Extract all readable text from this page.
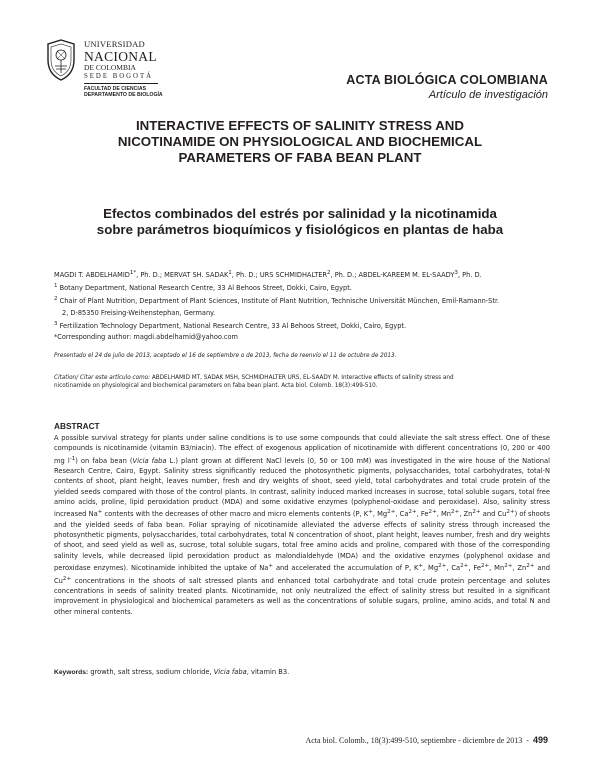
UNIVERSIDAD
NACIONAL
DE COLOMBIA
SEDE BOGOTÁ
FACULTAD DE CIENCIAS
DEPARTAMENTO DE BIOLOGÍA
ACTA BIOLÓGICA COLOMBIANA
Artículo de investigación
INTERACTIVE EFFECTS OF SALINITY STRESS AND
NICOTINAMIDE ON PHYSIOLOGICAL AND BIOCHEMICAL
PARAMETERS OF FABA BEAN PLANT
Efectos combinados del estrés por salinidad y la nicotinamida
sobre parámetros bioquímicos y fisiológicos en plantas de haba
MAGDI T. $ABDELHAMID^{1*}$, Ph. D.; MERVAT SH. SADAK$^1$, Ph. D.; URS SCHMIDHALTER$^2$, Ph. D.; ABDEL-KAREEM M. EL-SAADY$^3$, Ph. D.
$^1$ Botany Department, National Research Centre, 33 Al Behoos Street, Dokki, Cairo, Egypt.
$^2$ Chair of Plant Nutrition, Department of Plant Sciences, Institute of Plant Nutrition, Technische Universität München, Emil-Ramann-Str.
2, D-85350 Freising-Weihenstephan, Germany.
$^3$ Fertilization Technology Department, National Research Centre, 33 Al Behoos Street, Dokki, Cairo, Egypt.
*Corresponding author: magdi.abdelhamid@yahoo.com
Presentado el 24 de julio de 2013, aceptado el 16 de septiembre o de 2013, fecha de reenvío el 11 de octubre de 2013.
Citation/ Citar este artículo como: ABDELHAMID MT, SADAK MSH, SCHMIDHALTER URS, EL-SAADY M. Interactive effects of salinity stress and
nicotinamide on physiological and biochemical parameters on faba bean plant. Acta biol. Colomb. 18(3):499-510.
ABSTRACT
A possible survival strategy for plants under saline conditions is to use some compounds that could alleviate the salt stress effect. One of these compounds is nicotinamide (vitamin B3/niacin). The effect of exogenous application of nicotinamide with different concentrations (0, 200 or 400 mg $l^{-1}$) on faba bean (Vicia faba L.) plant grown at different NaCl levels (0, 50 or 100 mM) was investigated in the wire house of the National Research Centre, Cairo, Egypt. Salinity stress significantly reduced the photosynthetic pigments, polysaccharides, total carbohydrates, total-N contents of shoot, plant height, leaves number, fresh and dry weights of shoot, seed yield, total carbohydrates and total crude protein of the yielded seeds compared with those of the control plants. In contrast, salinity induced marked increases in sucrose, total soluble sugars, total free amino acids, proline, lipid peroxidation product (MDA) and some oxidative enzymes (polyphenol-oxidase and peroxidase). Also, salinity stress increased Na+ contents with the decreases of other macro and micro elements contents (P, K+, $Mg^{2+}$, $Ca^{2+}$, $Fe^{2+}$, $Mn^{2+}$, $Zn^{2+}$ and $Cu^{2+}$) of shoots and the yielded seeds of faba bean. Foliar spraying of nicotinamide alleviated the adverse effects of salinity stress through increased the photosynthetic pigments, polysaccharides, total carbohydrates, total N concentration of shoot, plant height, leaves number, fresh and dry weights of shoot, and seed yield as well as, sucrose, total soluble sugars, total free amino acids and proline, compared with those of the corresponding salinity levels, while decreased lipid peroxidation product as malondialdehyde (MDA) and the oxidative enzymes (polyphenol oxidase and peroxidase enzymes). Nicotinamide inhibited the uptake of Na+ and accelerated the accumulation of P, K+, $Mg^{2+}$, $Ca^{2+}$, $Fe^{2+}$, $Mn^{2+}$, $Zn^{2+}$ and $Cu^{2+}$ concentrations in the shoots of salt stressed plants and enhanced total carbohydrate and total crude protein percentage and solutes concentrations in seeds of salinity treated plants. Nicotinamide, not only neutralized the effect of salinity stress but resulted in a significant improvement in physiological and biochemical parameters as well as the concentrations of soluble sugars, proline, amino acids, and total N and other mineral contents.
Keywords: growth, salt stress, sodium chloride, Vicia faba, vitamin B3.
Acta biol. Colomb., 18(3):499-510, septiembre - diciembre de 2013 - 499
